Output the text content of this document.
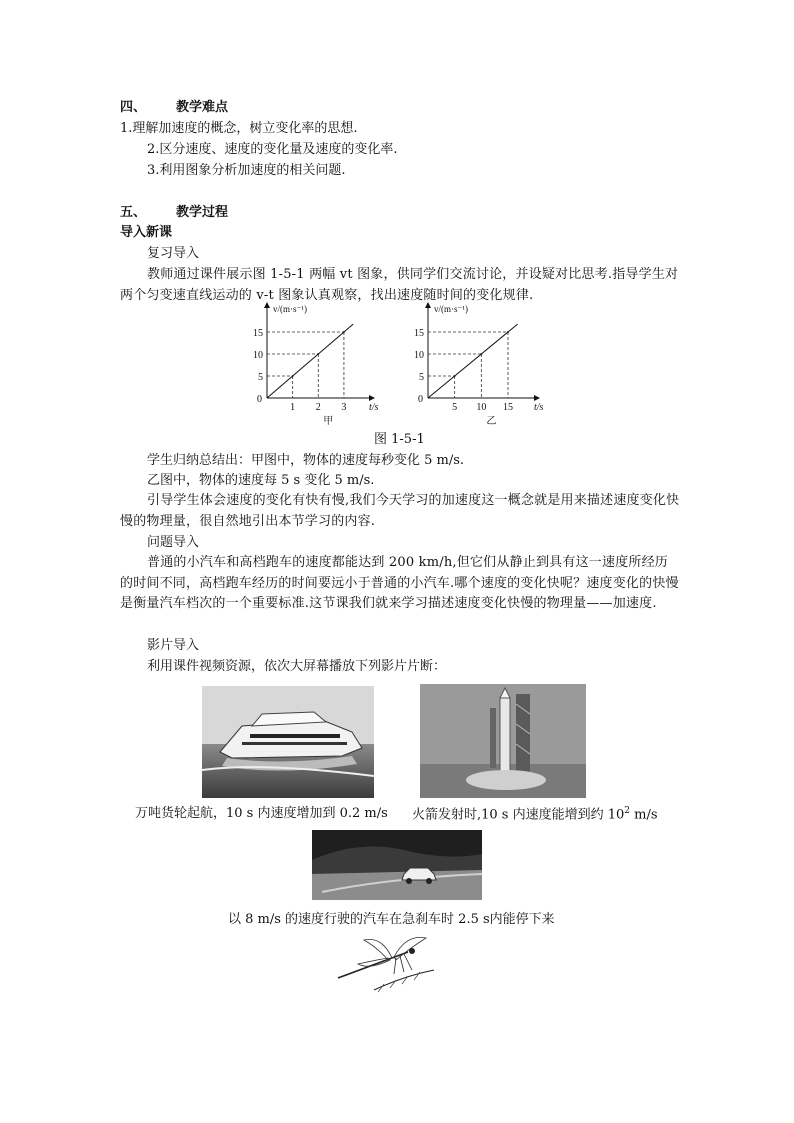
四、 教学难点
1.理解加速度的概念，树立变化率的思想.
2.区分速度、速度的变化量及速度的变化率.
3.利用图象分析加速度的相关问题.
五、 教学过程
导入新课
复习导入
教师通过课件展示图 1-5-1 两幅 vt 图象，供同学们交流讨论，并设疑对比思考.指导学生对两个匀变速直线运动的 v-t 图象认真观察，找出速度随时间的变化规律.
v/(m·s⁻¹)
t/s
0
1
5
2
10
3
15
甲
v/(m·s⁻¹)
t/s
0
5
5
10
10
15
15
乙
图 1-5-1
学生归纳总结出：甲图中，物体的速度每秒变化 5 m/s.
乙图中，物体的速度每 5 s 变化 5 m/s.
引导学生体会速度的变化有快有慢,我们今天学习的加速度这一概念就是用来描述速度变化快慢的物理量，很自然地引出本节学习的内容.
问题导入
普通的小汽车和高档跑车的速度都能达到 200 km/h,但它们从静止到具有这一速度所经历的时间不同，高档跑车经历的时间要远小于普通的小汽车.哪个速度的变化快呢？速度变化的快慢是衡量汽车档次的一个重要标准.这节课我们就来学习描述速度变化快慢的物理量——加速度.
影片导入
利用课件视频资源，依次大屏幕播放下列影片片断：
万吨货轮起航，10 s 内速度增加到 0.2 m/s 火箭发射时,10 s 内速度能增到约 $10^2$ m/s
以 8 m/s 的速度行驶的汽车在急刹车时 2.5 s内能停下来
